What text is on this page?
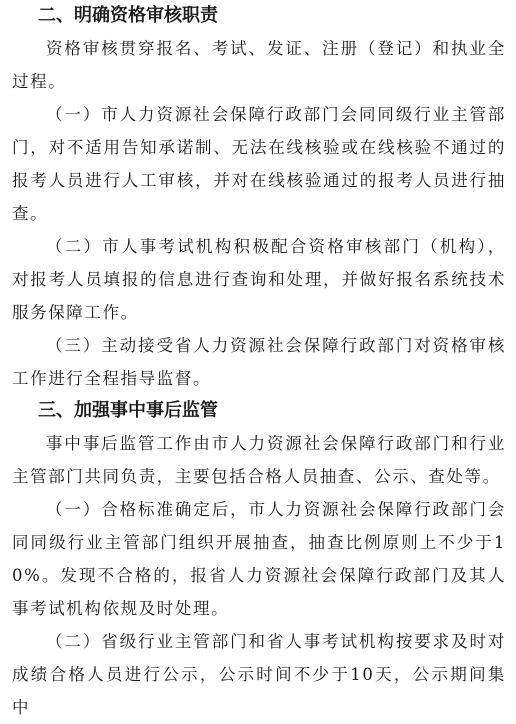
二、明确资格审核职责

资格审核贯穿报名、考试、发证、注册（登记）和执业全过程。

（一）市人力资源社会保障行政部门会同同级行业主管部门，对不适用告知承诺制、无法在线核验或在线核验不通过的报考人员进行人工审核，并对在线核验通过的报考人员进行抽查。

（二）市人事考试机构积极配合资格审核部门（机构），对报考人员填报的信息进行查询和处理，并做好报名系统技术服务保障工作。

（三）主动接受省人力资源社会保障行政部门对资格审核工作进行全程指导监督。

三、加强事中事后监管

事中事后监管工作由市人力资源社会保障行政部门和行业主管部门共同负责，主要包括合格人员抽查、公示、查处等。

（一）合格标准确定后，市人力资源社会保障行政部门会同同级行业主管部门组织开展抽查，抽查比例原则上不少于10%。发现不合格的，报省人力资源社会保障行政部门及其人事考试机构依规及时处理。

（二）省级行业主管部门和省人事考试机构按要求及时对成绩合格人员进行公示，公示时间不少于10天，公示期间集中
